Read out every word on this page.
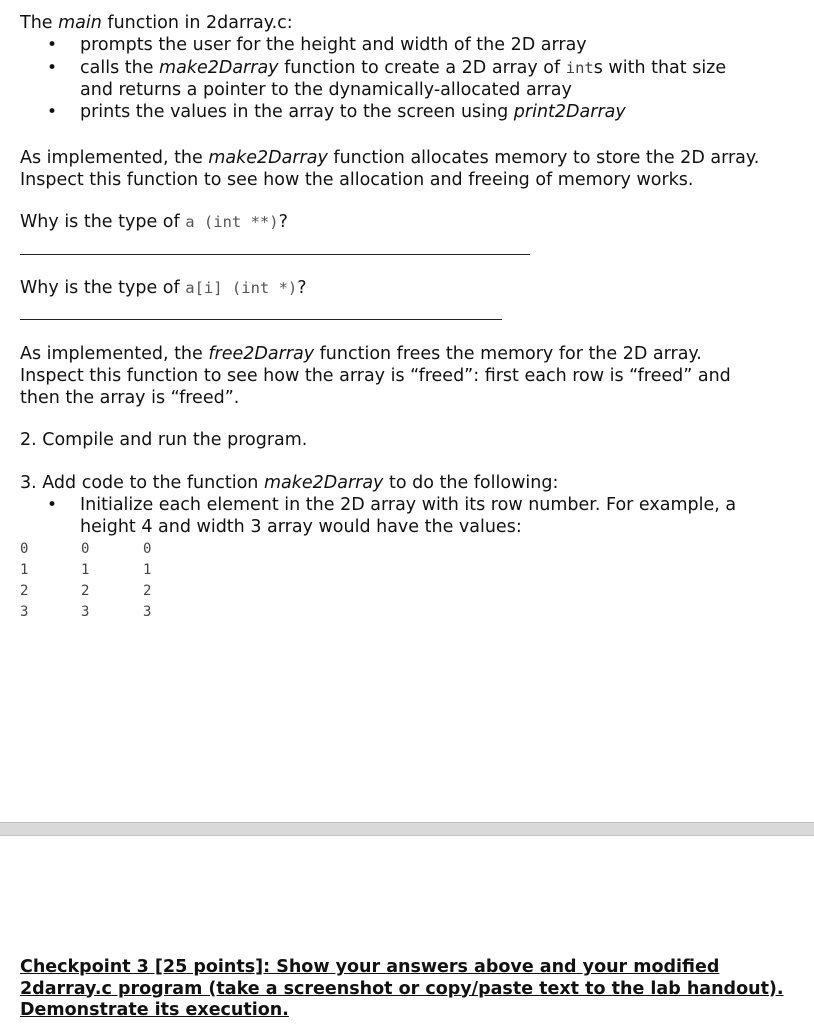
The main function in 2darray.c:
• prompts the user for the height and width of the 2D array
• calls the make2Darray function to create a 2D array of ints with that size
and returns a pointer to the dynamically-allocated array
• prints the values in the array to the screen using print2Darray
As implemented, the make2Darray function allocates memory to store the 2D array.
Inspect this function to see how the allocation and freeing of memory works.
Why is the type of a (int **)?
Why is the type of a[i] (int *)?
As implemented, the free2Darray function frees the memory for the 2D array.
Inspect this function to see how the array is “freed”: first each row is “freed” and
then the array is “freed”.
2. Compile and run the program.
3. Add code to the function make2Darray to do the following:
• Initialize each element in the 2D array with its row number. For example, a
height 4 and width 3 array would have the values:
0	0	0
1	1	1
2	2	2
3	3	3
Checkpoint 3 [25 points]: Show your answers above and your modified 2darray.c program (take a screenshot or copy/paste text to the lab handout). Demonstrate its execution.
